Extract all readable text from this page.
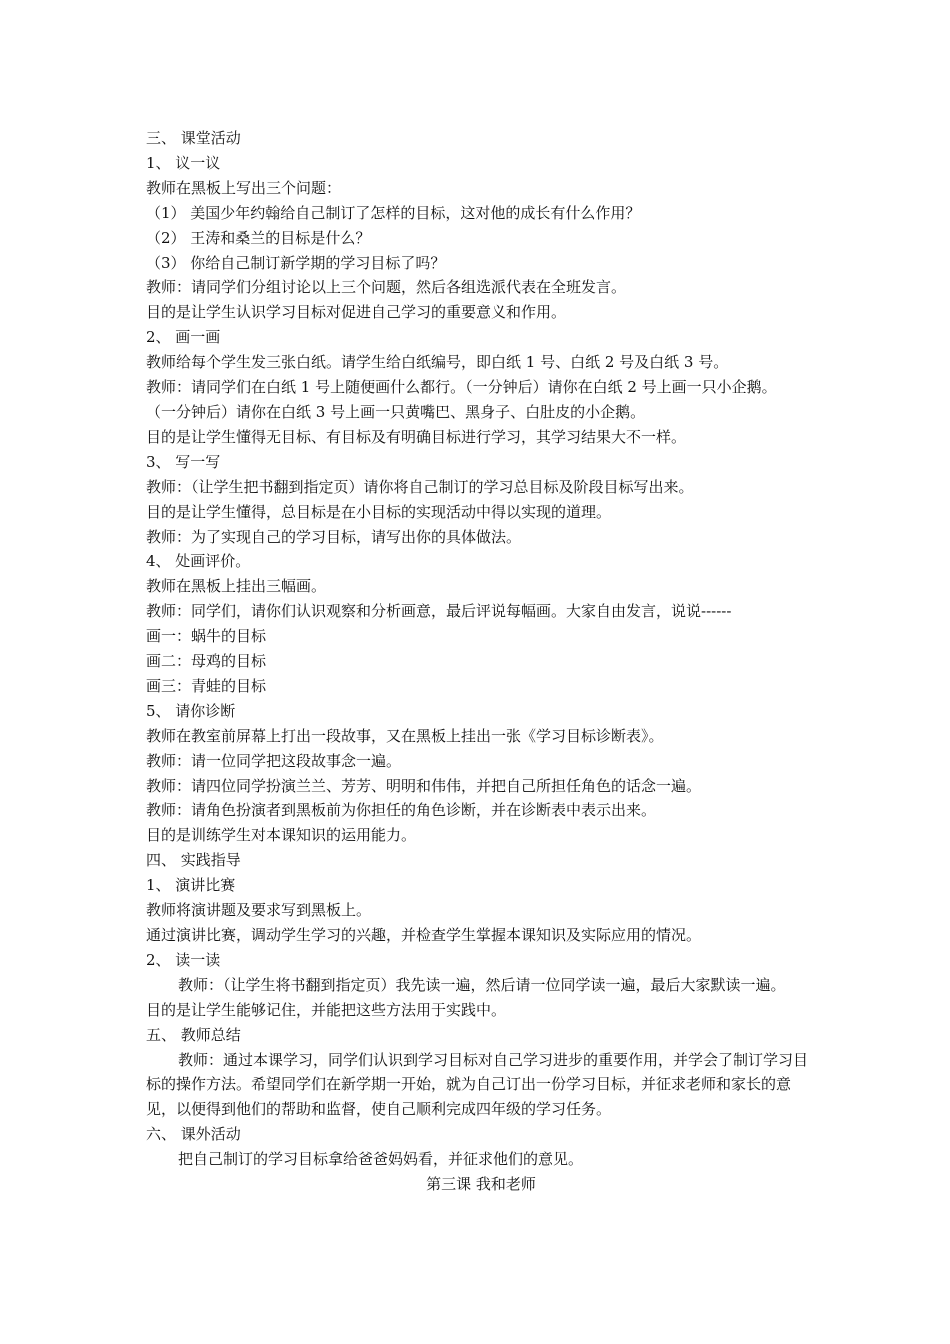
三、 课堂活动
1、 议一议
教师在黑板上写出三个问题：
（1） 美国少年约翰给自己制订了怎样的目标，这对他的成长有什么作用？
（2） 王涛和桑兰的目标是什么？
（3） 你给自己制订新学期的学习目标了吗？
教师：请同学们分组讨论以上三个问题，然后各组选派代表在全班发言。
目的是让学生认识学习目标对促进自己学习的重要意义和作用。
2、 画一画
教师给每个学生发三张白纸。请学生给白纸编号，即白纸 1 号、白纸 2 号及白纸 3 号。
教师：请同学们在白纸 1 号上随便画什么都行。（一分钟后）请你在白纸 2 号上画一只小企鹅。
（一分钟后）请你在白纸 3 号上画一只黄嘴巴、黑身子、白肚皮的小企鹅。
目的是让学生懂得无目标、有目标及有明确目标进行学习，其学习结果大不一样。
3、 写一写
教师：（让学生把书翻到指定页）请你将自己制订的学习总目标及阶段目标写出来。
目的是让学生懂得，总目标是在小目标的实现活动中得以实现的道理。
教师：为了实现自己的学习目标，请写出你的具体做法。
4、 处画评价。
教师在黑板上挂出三幅画。
教师：同学们，请你们认识观察和分析画意，最后评说每幅画。大家自由发言，说说------
画一：蜗牛的目标
画二：母鸡的目标
画三：青蛙的目标
5、 请你诊断
教师在教室前屏幕上打出一段故事，又在黑板上挂出一张《学习目标诊断表》。
教师：请一位同学把这段故事念一遍。
教师：请四位同学扮演兰兰、芳芳、明明和伟伟，并把自己所担任角色的话念一遍。
教师：请角色扮演者到黑板前为你担任的角色诊断，并在诊断表中表示出来。
目的是训练学生对本课知识的运用能力。
四、 实践指导
1、 演讲比赛
教师将演讲题及要求写到黑板上。
通过演讲比赛，调动学生学习的兴趣，并检查学生掌握本课知识及实际应用的情况。
2、 读一读
教师：（让学生将书翻到指定页）我先读一遍，然后请一位同学读一遍，最后大家默读一遍。
目的是让学生能够记住，并能把这些方法用于实践中。
五、 教师总结
教师：通过本课学习，同学们认识到学习目标对自己学习进步的重要作用，并学会了制订学习目标的操作方法。希望同学们在新学期一开始，就为自己订出一份学习目标，并征求老师和家长的意见，以便得到他们的帮助和监督，使自己顺利完成四年级的学习任务。
六、 课外活动
把自己制订的学习目标拿给爸爸妈妈看，并征求他们的意见。
第三课 我和老师
